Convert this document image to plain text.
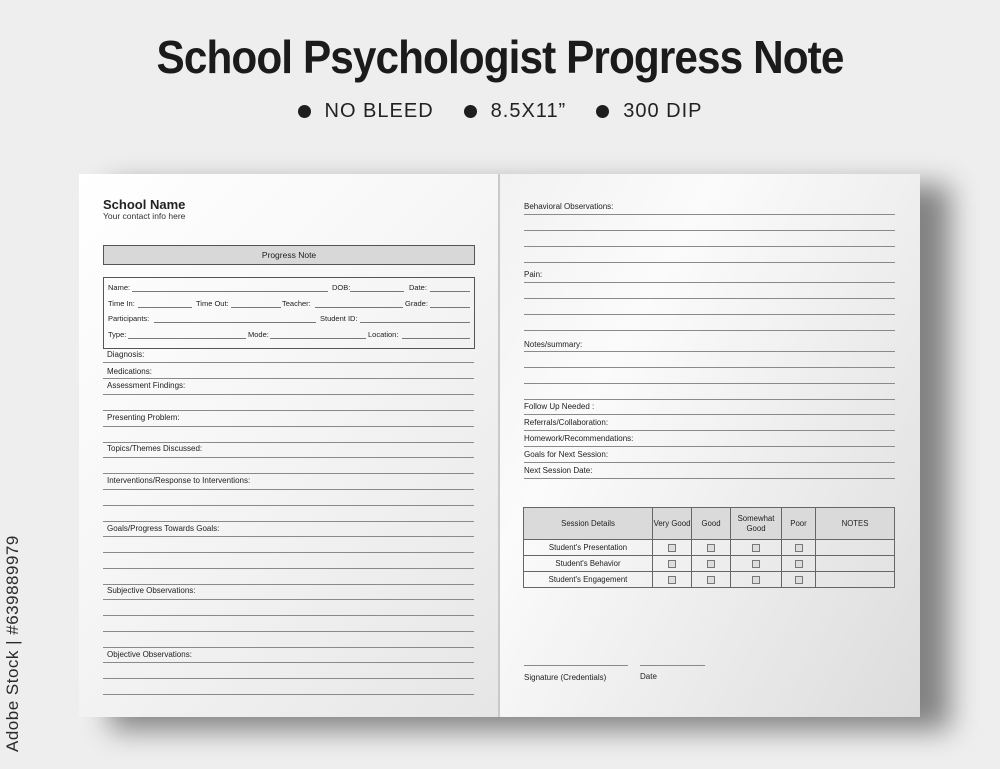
School Psychologist Progress Note
NO BLEED	8.5X11”	300 DIP
Adobe Stock | #639889979
School Name
Your contact info here
Progress Note
Name:	DOB:	Date:
Time In:	Time Out:	Teacher:	Grade:
Participants:	Student ID:
Type:	Mode:	Location:
Diagnosis:
Medications:
Assessment Findings:
Presenting Problem:
Topics/Themes Discussed:
Interventions/Response to Interventions:
Goals/Progress Towards Goals:
Subjective Observations:
Objective Observations:
Behavioral Observations:
Pain:
Notes/summary:
Follow Up Needed :
Referrals/Collaboration:
Homework/Recommendations:
Goals for Next Session:
Next Session Date:
Session Details	Very Good	Good	Somewhat Good	Poor	NOTES
Student's Presentation					
Student's Behavior					
Student's Engagement					
Signature (Credentials)	Date
